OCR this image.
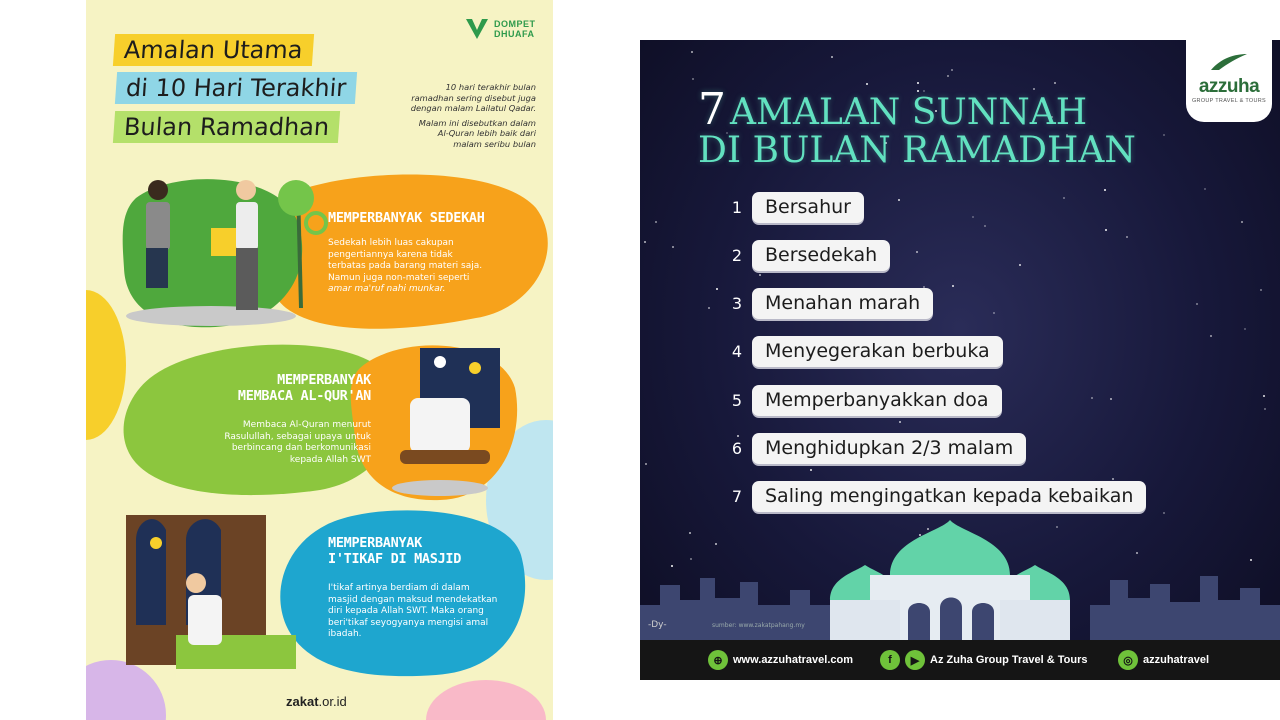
DOMPET
DHUAFA
Amalan Utama
di 10 Hari Terakhir
Bulan Ramadhan

10 hari terakhir bulan ramadhan sering disebut juga dengan malam Lailatul Qadar.

Malam ini disebutkan dalam Al-Quran lebih baik dari malam seribu bulan

MEMPERBANYAK SEDEKAH
Sedekah lebih luas cakupan pengertiannya karena tidak terbatas pada barang materi saja. Namun juga non-materi seperti amar ma'ruf nahi munkar.
MEMPERBANYAK
MEMBACA AL-QUR'AN
Membaca Al-Quran menurut Rasulullah, sebagai upaya untuk berbincang dan berkomunikasi kepada Allah SWT
MEMPERBANYAK
I'TIKAF DI MASJID
I'tikaf artinya berdiam di dalam masjid dengan maksud mendekatkan diri kepada Allah SWT. Maka orang beri'tikaf seyogyanya mengisi amal ibadah.
zakat.or.id
azzuha
GROUP TRAVEL & TOURS
7 AMALAN SUNNAH
DI BULAN RAMADHAN
1	Bersahur
2	Bersedekah
3	Menahan marah
4	Menyegerakan berbuka
5	Memperbanyakkan doa
6	Menghidupkan 2/3 malam
7	Saling mengingatkan kepada kebaikan
-Dy-	sumber: www.zakatpahang.my
⊕ www.azzuhatravel.com	f	▶ Az Zuha Group Travel & Tours	◎ azzuhatravel
